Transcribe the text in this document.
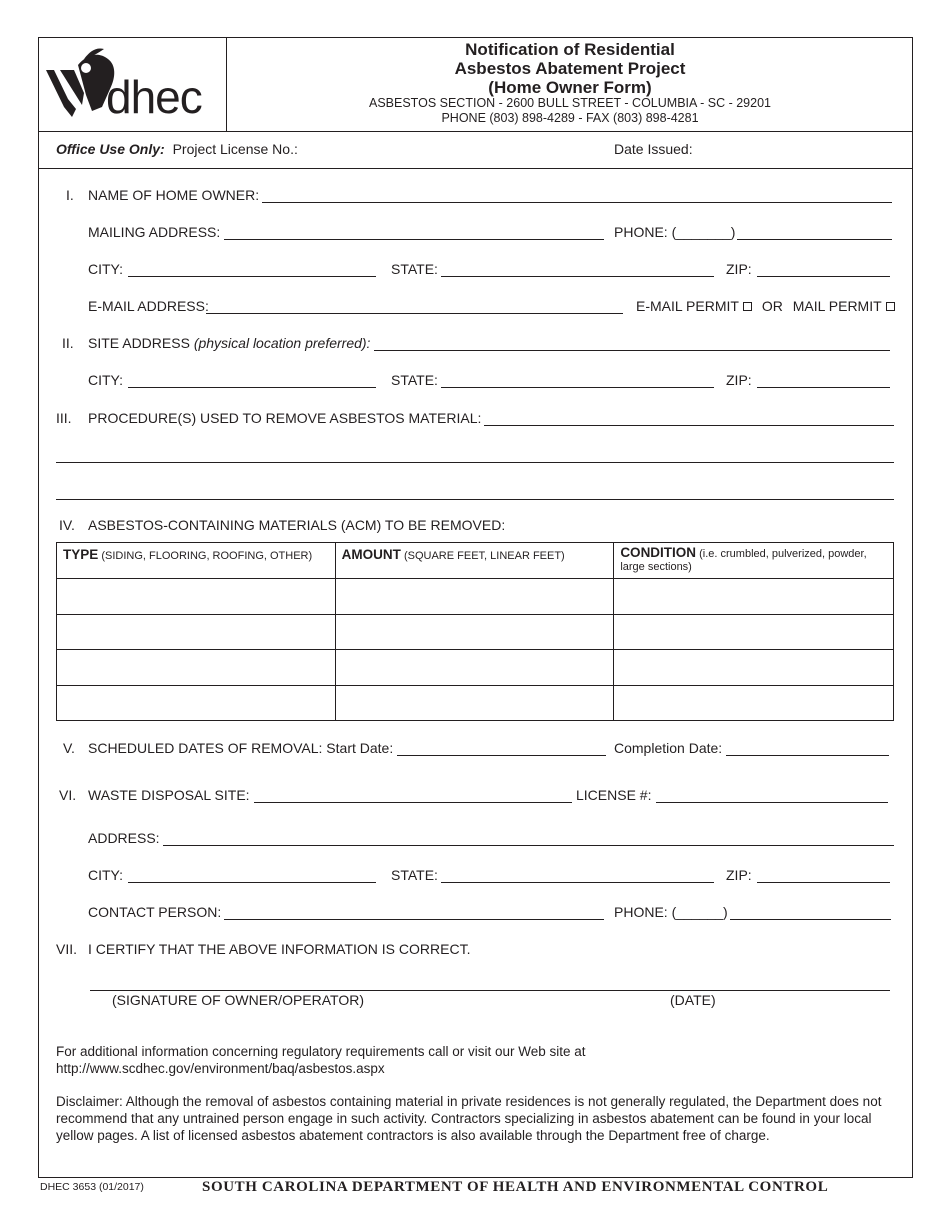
dhec
Notification of Residential
Asbestos Abatement Project
(Home Owner Form)
ASBESTOS SECTION - 2600 BULL STREET - COLUMBIA - SC - 29201
PHONE (803) 898-4289 - FAX (803) 898-4281
Office Use Only: Project License No.:	Date Issued:
I. NAME OF HOME OWNER:
MAILING ADDRESS:	PHONE: (_______)
CITY:	STATE:	ZIP:
E-MAIL ADDRESS:	E-MAIL PERMIT OR MAIL PERMIT
II. SITE ADDRESS (physical location preferred):
CITY:	STATE:	ZIP:
III. PROCEDURE(S) USED TO REMOVE ASBESTOS MATERIAL:
IV. ASBESTOS-CONTAINING MATERIALS (ACM) TO BE REMOVED:
TYPE (SIDING, FLOORING, ROOFING, OTHER)	AMOUNT (SQUARE FEET, LINEAR FEET)	CONDITION (i.e. crumbled, pulverized, powder, large sections)

V. SCHEDULED DATES OF REMOVAL: Start Date:	Completion Date:
VI. WASTE DISPOSAL SITE:	LICENSE #:
ADDRESS:
CITY:	STATE:	ZIP:
CONTACT PERSON:	PHONE: (______)
VII. I CERTIFY THAT THE ABOVE INFORMATION IS CORRECT.
(SIGNATURE OF OWNER/OPERATOR)	(DATE)
For additional information concerning regulatory requirements call or visit our Web site at
http://www.scdhec.gov/environment/baq/asbestos.aspx
Disclaimer: Although the removal of asbestos containing material in private residences is not generally regulated, the Department does not recommend that any untrained person engage in such activity. Contractors specializing in asbestos abatement can be found in your local yellow pages. A list of licensed asbestos abatement contractors is also available through the Department free of charge.
DHEC 3653 (01/2017)	SOUTH CAROLINA DEPARTMENT OF HEALTH AND ENVIRONMENTAL CONTROL
